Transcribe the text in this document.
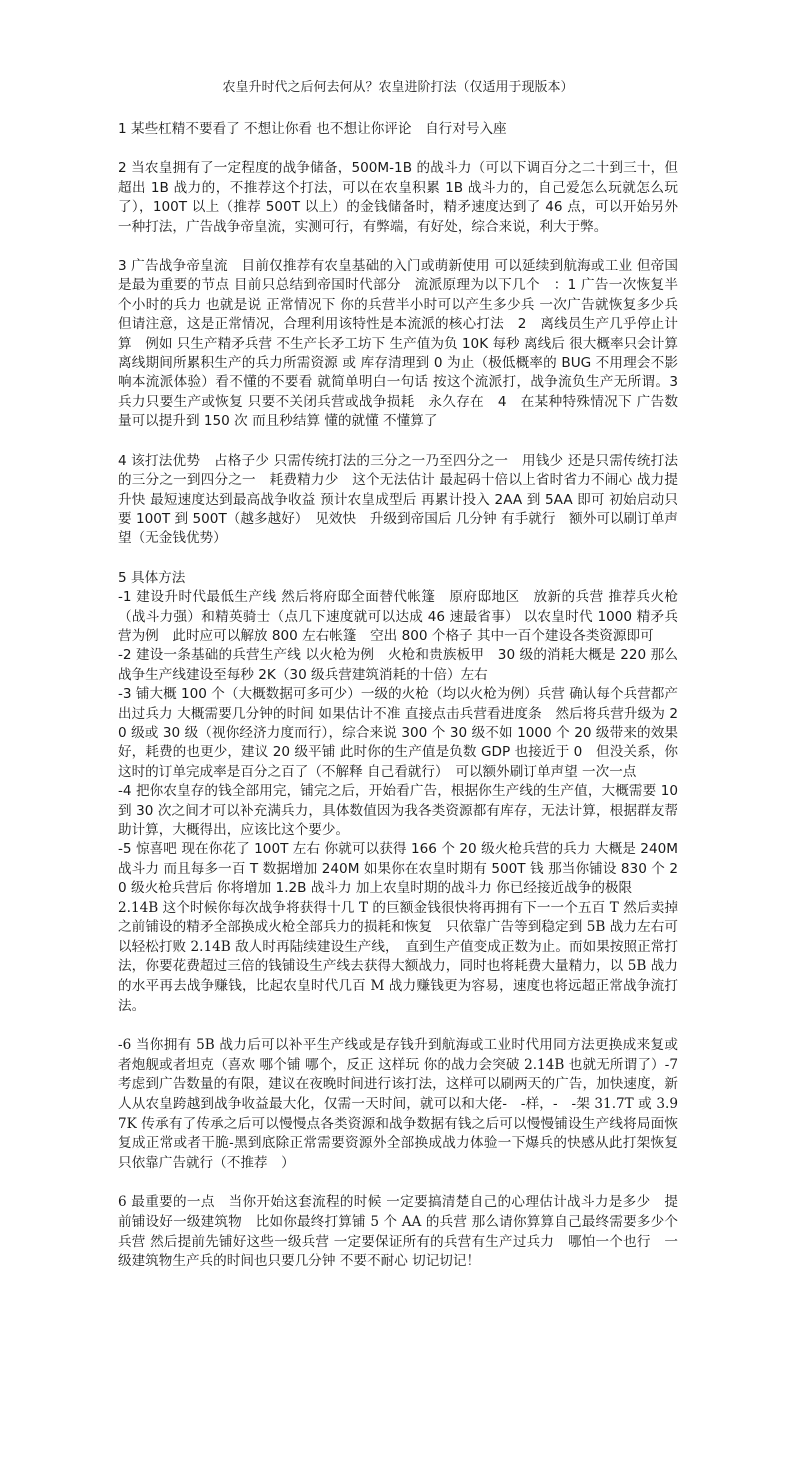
农皇升时代之后何去何从？农皇进阶打法（仅适用于现版本）
1 某些杠精不要看了 不想让你看 也不想让你评论　自行对号入座
2 当农皇拥有了一定程度的战争储备，500M-1B 的战斗力（可以下调百分之二十到三十，但超出 1B 战力的，不推荐这个打法，可以在农皇积累 1B 战斗力的，自己爱怎么玩就怎么玩了），100T 以上（推荐 500T 以上）的金钱储备时，精矛速度达到了 46 点，可以开始另外一种打法，广告战争帝皇流，实测可行，有弊端，有好处，综合来说，利大于弊。
3 广告战争帝皇流　目前仅推荐有农皇基础的入门或萌新使用 可以延续到航海或工业 但帝国是最为重要的节点 目前只总结到帝国时代部分　流派原理为以下几个　：1 广告一次恢复半个小时的兵力 也就是说 正常情况下 你的兵营半小时可以产生多少兵 一次广告就恢复多少兵　但请注意，这是正常情况，合理利用该特性是本流派的核心打法　2　离线员生产几乎停止计算　例如 只生产精矛兵营 不生产长矛工坊下 生产值为负 10K 每秒 离线后 很大概率只会计算离线期间所累积生产的兵力所需资源 或 库存清理到 0 为止（极低概率的 BUG 不用理会不影响本流派体验）看不懂的不要看 就简单明白一句话 按这个流派打，战争流负生产无所谓。3　兵力只要生产或恢复 只要不关闭兵营或战争损耗　永久存在　4　在某种特殊情况下 广告数量可以提升到 150 次 而且秒结算 懂的就懂 不懂算了
4 该打法优势　占格子少 只需传统打法的三分之一乃至四分之一　用钱少 还是只需传统打法的三分之一到四分之一　耗费精力少　这个无法估计 最起码十倍以上省时省力不闹心 战力提升快 最短速度达到最高战争收益 预计农皇成型后 再累计投入 2AA 到 5AA 即可 初始启动只要 100T 到 500T（越多越好）　见效快　升级到帝国后 几分钟 有手就行　额外可以刷订单声望（无金钱优势）
5 具体方法
-1 建设升时代最低生产线 然后将府邸全面替代帐篷　原府邸地区　放新的兵营 推荐兵火枪（战斗力强）和精英骑士（点几下速度就可以达成 46 速最省事） 以农皇时代 1000 精矛兵营为例　此时应可以解放 800 左右帐篷　空出 800 个格子 其中一百个建设各类资源即可
-2 建设一条基础的兵营生产线 以火枪为例　火枪和贵族板甲　30 级的消耗大概是 220 那么战争生产线建设至每秒 2K（30 级兵营建筑消耗的十倍）左右
-3 铺大概 100 个（大概数据可多可少）一级的火枪（均以火枪为例）兵营 确认每个兵营都产出过兵力 大概需要几分钟的时间 如果估计不准 直接点击兵营看进度条　然后将兵营升级为 20 级或 30 级（视你经济力度而行），综合来说 300 个 30 级不如 1000 个 20 级带来的效果好，耗费的也更少，建议 20 级平铺 此时你的生产值是负数 GDP 也接近于 0　但没关系，你这时的订单完成率是百分之百了（不解释 自己看就行）　可以额外刷订单声望 一次一点
-4 把你农皇存的钱全部用完，铺完之后，开始看广告，根据你生产线的生产值，大概需要 10 到 30 次之间才可以补充满兵力，具体数值因为我各类资源都有库存，无法计算，根据群友帮助计算，大概得出，应该比这个要少。
-5 惊喜吧 现在你花了 100T 左右 你就可以获得 166 个 20 级火枪兵营的兵力 大概是 240M 战斗力 而且每多一百 T 数据增加 240M 如果你在农皇时期有 500T 钱 那当你铺设 830 个 20 级火枪兵营后 你将增加 1.2B 战斗力 加上农皇时期的战斗力 你已经接近战争的极限
2.14B 这个时候你每次战争将获得十几 T 的巨额金钱很快将再拥有下一一个五百 T 然后卖掉之前铺设的精矛全部换成火枪全部兵力的损耗和恢复　只依靠广告等到稳定到 5B 战力左右可以轻松打败 2.14B 敌人时再陆续建设生产线，　直到生产值变成正数为止。而如果按照正常打法，你要花费超过三倍的钱铺设生产线去获得大额战力，同时也将耗费大量精力，以 5B 战力的水平再去战争赚钱，比起农皇时代几百 M 战力赚钱更为容易，速度也将远超正常战争流打法。
-6 当你拥有 5B 战力后可以补平生产线或是存钱升到航海或工业时代用同方法更换成来复或者炮舰或者坦克（喜欢 哪个铺 哪个，反正 这样玩 你的战力会突破 2.14B 也就无所谓了）-7 考虑到广告数量的有限，建议在夜晚时间进行该打法，这样可以刷两天的广告，加快速度，新人从农皇跨越到战争收益最大化，仅需一天时间，就可以和大佬-　-样，-　-架 31.7T 或 3.97K 传承有了传承之后可以慢慢点各类资源和战争数据有钱之后可以慢慢铺设生产线将局面恢复成正常或者干脆-黑到底除正常需要资源外全部换成战力体验一下爆兵的快感从此打架恢复只依靠广告就行（不推荐　）
6 最重要的一点　当你开始这套流程的时候 一定要搞清楚自己的心理估计战斗力是多少　提前铺设好一级建筑物　比如你最终打算铺 5 个 AA 的兵营 那么请你算算自己最终需要多少个兵营 然后提前先铺好这些一级兵营 一定要保证所有的兵营有生产过兵力　哪怕一个也行　一级建筑物生产兵的时间也只要几分钟 不要不耐心 切记切记！
